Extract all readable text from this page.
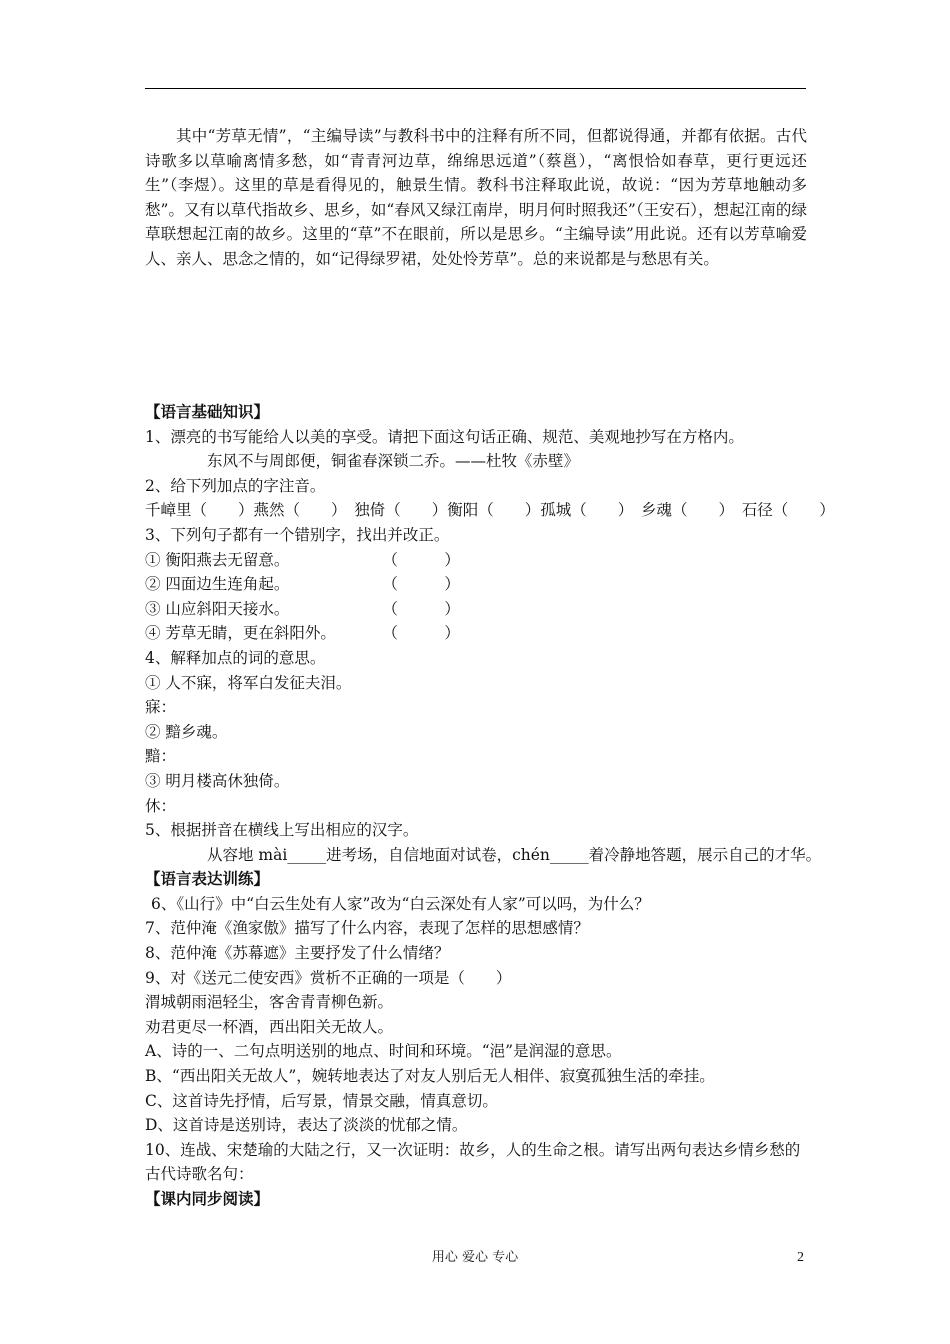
其中“芳草无情”，“主编导读”与教科书中的注释有所不同，但都说得通，并都有依据。古代诗歌多以草喻离情多愁，如“青青河边草，绵绵思远道”（蔡邕），“离恨恰如春草，更行更远还生”（李煜）。这里的草是看得见的，触景生情。教科书注释取此说，故说：“因为芳草地触动多愁”。又有以草代指故乡、思乡，如“春风又绿江南岸，明月何时照我还”（王安石），想起江南的绿草联想起江南的故乡。这里的“草”不在眼前，所以是思乡。“主编导读”用此说。还有以芳草喻爱人、亲人、思念之情的，如“记得绿罗裙，处处怜芳草”。总的来说都是与愁思有关。
【语言基础知识】
1、漂亮的书写能给人以美的享受。请把下面这句话正确、规范、美观地抄写在方格内。
东风不与周郎便，铜雀春深锁二乔。——杜牧《赤壁》
2、给下列加点的字注音。
千嶂里（　　）燕然（　　）　独倚（　　）衡阳（　　）孤城（　　）　乡魂（　　）　石径（　　）
3、下列句子都有一个错别字，找出并改正。
① 衡阳燕去无留意。　　　　　　　（　　　）
② 四面边生连角起。　　　　　　　（　　　）
③ 山应斜阳天接水。　　　　　　　（　　　）
④ 芳草无睛，更在斜阳外。　　　　（　　　）
4、解释加点的词的意思。
① 人不寐，将军白发征夫泪。
寐：
② 黯乡魂。
黯：
③ 明月楼高休独倚。
休：
5、根据拼音在横线上写出相应的汉字。
从容地 mài_____进考场，自信地面对试卷，chén_____着冷静地答题，展示自己的才华。
【语言表达训练】
6、《山行》中“白云生处有人家”改为“白云深处有人家”可以吗，为什么？
7、范仲淹《渔家傲》描写了什么内容，表现了怎样的思想感情？
8、范仲淹《苏幕遮》主要抒发了什么情绪？
9、对《送元二使安西》赏析不正确的一项是（　　）
渭城朝雨浥轻尘，客舍青青柳色新。
劝君更尽一杯酒，西出阳关无故人。
A、诗的一、二句点明送别的地点、时间和环境。“浥”是润湿的意思。
B、“西出阳关无故人”，婉转地表达了对友人别后无人相伴、寂寞孤独生活的牵挂。
C、这首诗先抒情，后写景，情景交融，情真意切。
D、这首诗是送别诗，表达了淡淡的忧郁之情。
10、连战、宋楚瑜的大陆之行，又一次证明：故乡，人的生命之根。请写出两句表达乡情乡愁的
古代诗歌名句：
【课内同步阅读】
用心 爱心 专心	2
